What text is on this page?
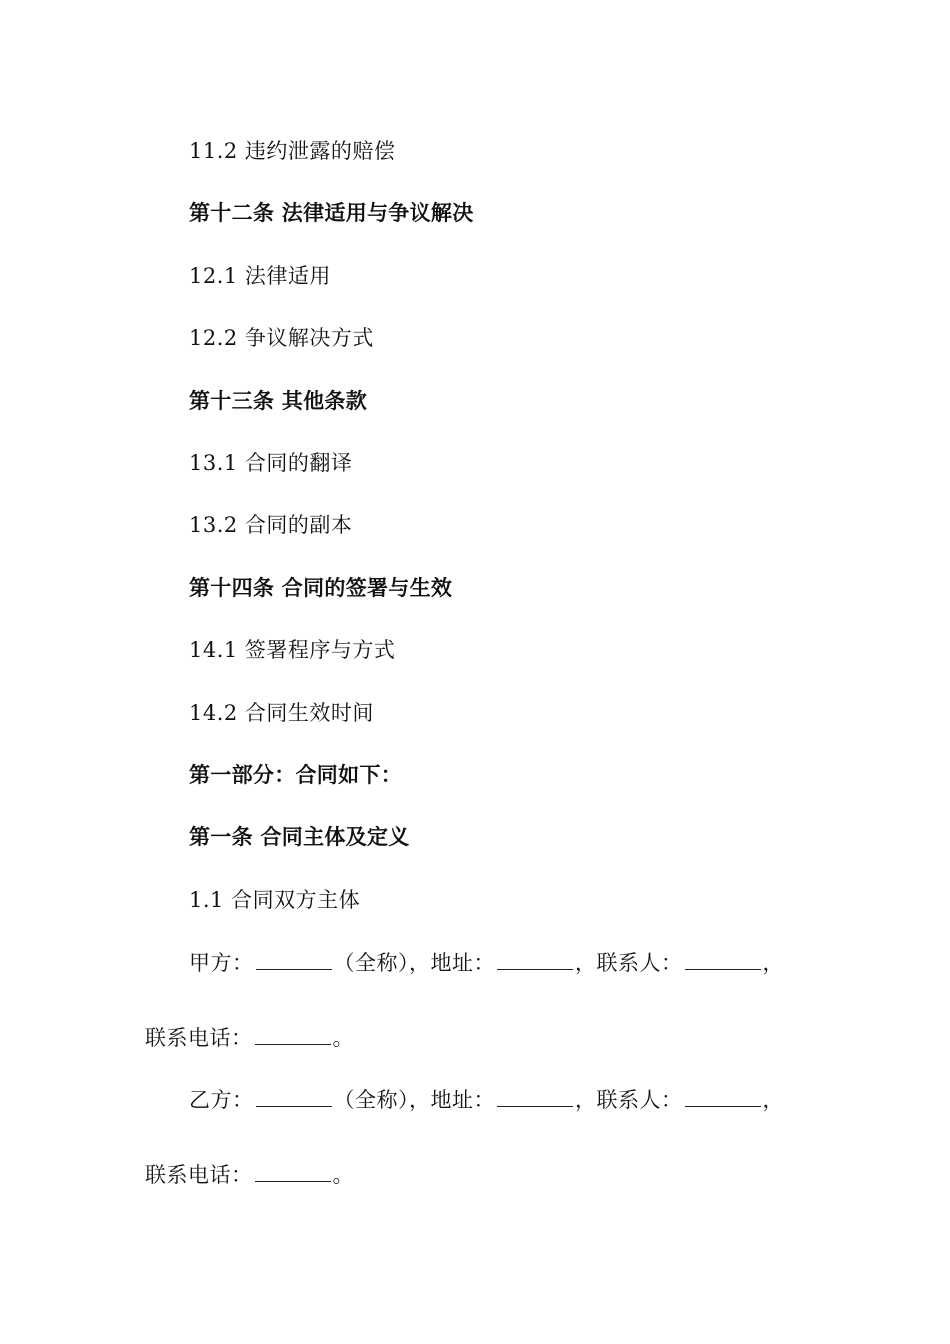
11.2 违约泄露的赔偿
第十二条 法律适用与争议解决
12.1 法律适用
12.2 争议解决方式
第十三条 其他条款
13.1 合同的翻译
13.2 合同的副本
第十四条 合同的签署与生效
14.1 签署程序与方式
14.2 合同生效时间
第一部分：合同如下：
第一条 合同主体及定义
1.1 合同双方主体
甲方：	（全称），地址：	，联系人：	，
联系电话：	。
乙方：	（全称），地址：	，联系人：	，
联系电话：	。
